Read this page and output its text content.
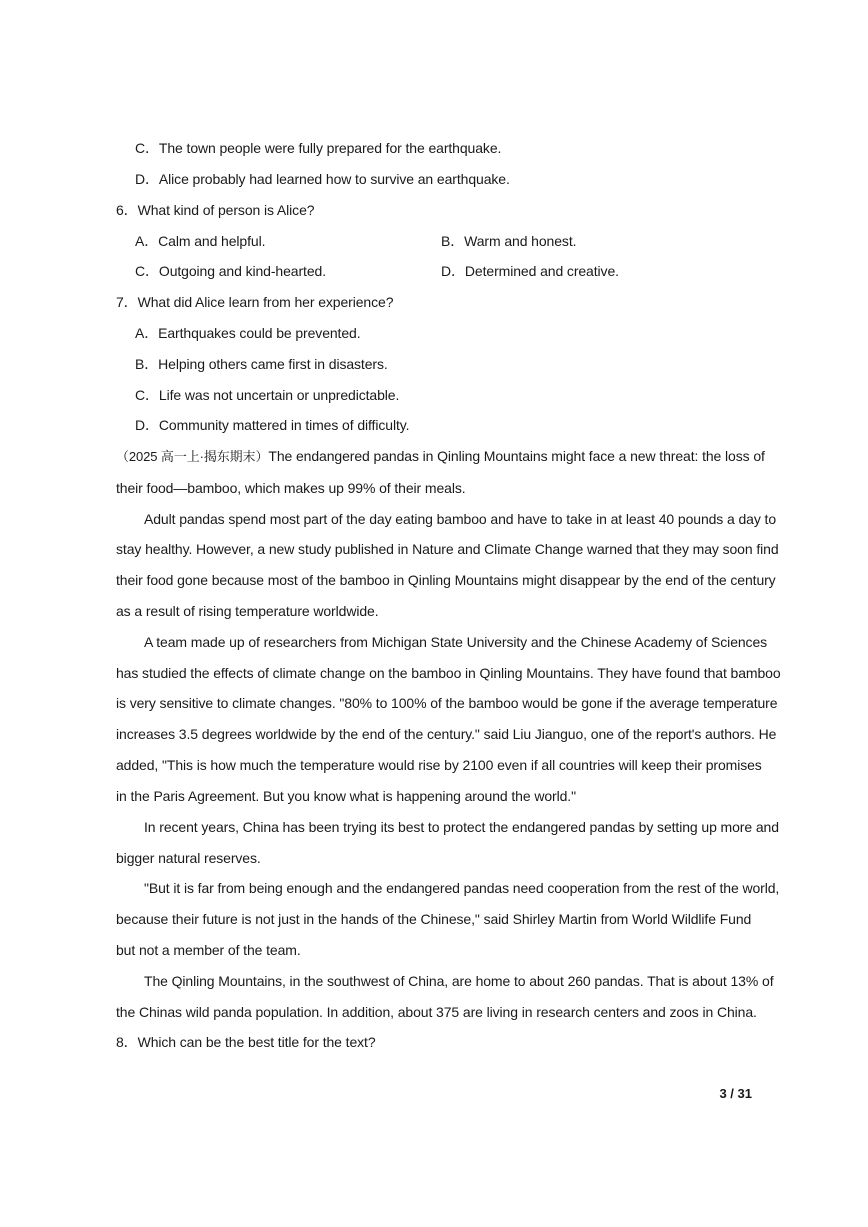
C．The town people were fully prepared for the earthquake.
D．Alice probably had learned how to survive an earthquake.
6．What kind of person is Alice?
A．Calm and helpful.	B．Warm and honest.
C．Outgoing and kind-hearted.	D．Determined and creative.
7．What did Alice learn from her experience?
A．Earthquakes could be prevented.
B．Helping others came first in disasters.
C．Life was not uncertain or unpredictable.
D．Community mattered in times of difficulty.
（2025 高一上·揭东期末）The endangered pandas in Qinling Mountains might face a new threat: the loss of
their food—bamboo, which makes up 99% of their meals.
Adult pandas spend most part of the day eating bamboo and have to take in at least 40 pounds a day to
stay healthy. However, a new study published in Nature and Climate Change warned that they may soon find
their food gone because most of the bamboo in Qinling Mountains might disappear by the end of the century
as a result of rising temperature worldwide.
A team made up of researchers from Michigan State University and the Chinese Academy of Sciences
has studied the effects of climate change on the bamboo in Qinling Mountains. They have found that bamboo
is very sensitive to climate changes. "80% to 100% of the bamboo would be gone if the average temperature
increases 3.5 degrees worldwide by the end of the century." said Liu Jianguo, one of the report's authors. He
added, "This is how much the temperature would rise by 2100 even if all countries will keep their promises
in the Paris Agreement. But you know what is happening around the world."
In recent years, China has been trying its best to protect the endangered pandas by setting up more and
bigger natural reserves.
"But it is far from being enough and the endangered pandas need cooperation from the rest of the world,
because their future is not just in the hands of the Chinese," said Shirley Martin from World Wildlife Fund
but not a member of the team.
The Qinling Mountains, in the southwest of China, are home to about 260 pandas. That is about 13% of
the Chinas wild panda population. In addition, about 375 are living in research centers and zoos in China.
8．Which can be the best title for the text?
3 / 31
